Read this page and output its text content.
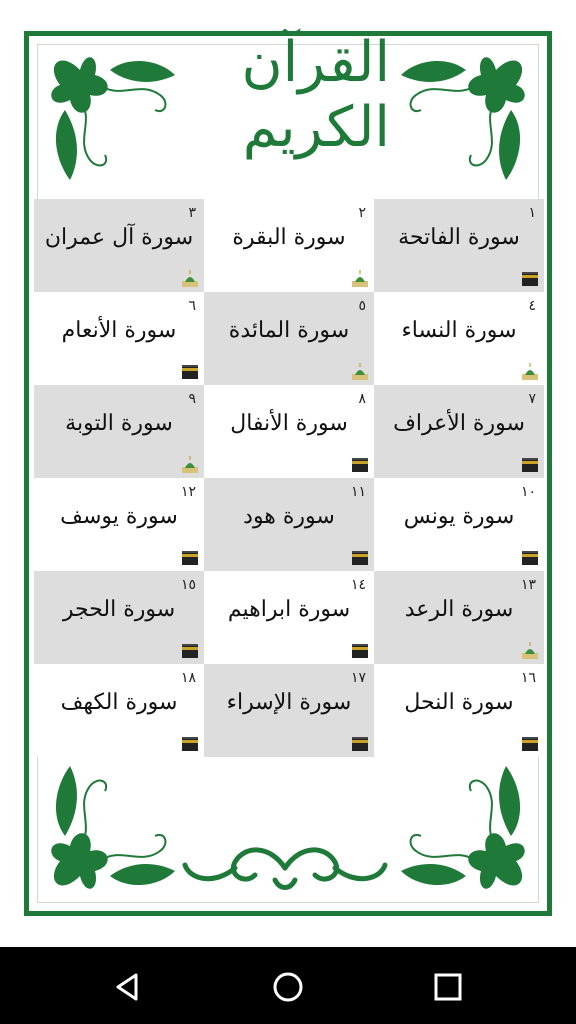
القرآن الكريم
٣
سورة آل عمران
٢
سورة البقرة
١
سورة الفاتحة
٦
سورة الأنعام
٥
سورة المائدة
٤
سورة النساء
٩
سورة التوبة
٨
سورة الأنفال
٧
سورة الأعراف
١٢
سورة يوسف
١١
سورة هود
١٠
سورة يونس
١٥
سورة الحجر
١٤
سورة ابراهيم
١٣
سورة الرعد
١٨
سورة الكهف
١٧
سورة الإسراء
١٦
سورة النحل
